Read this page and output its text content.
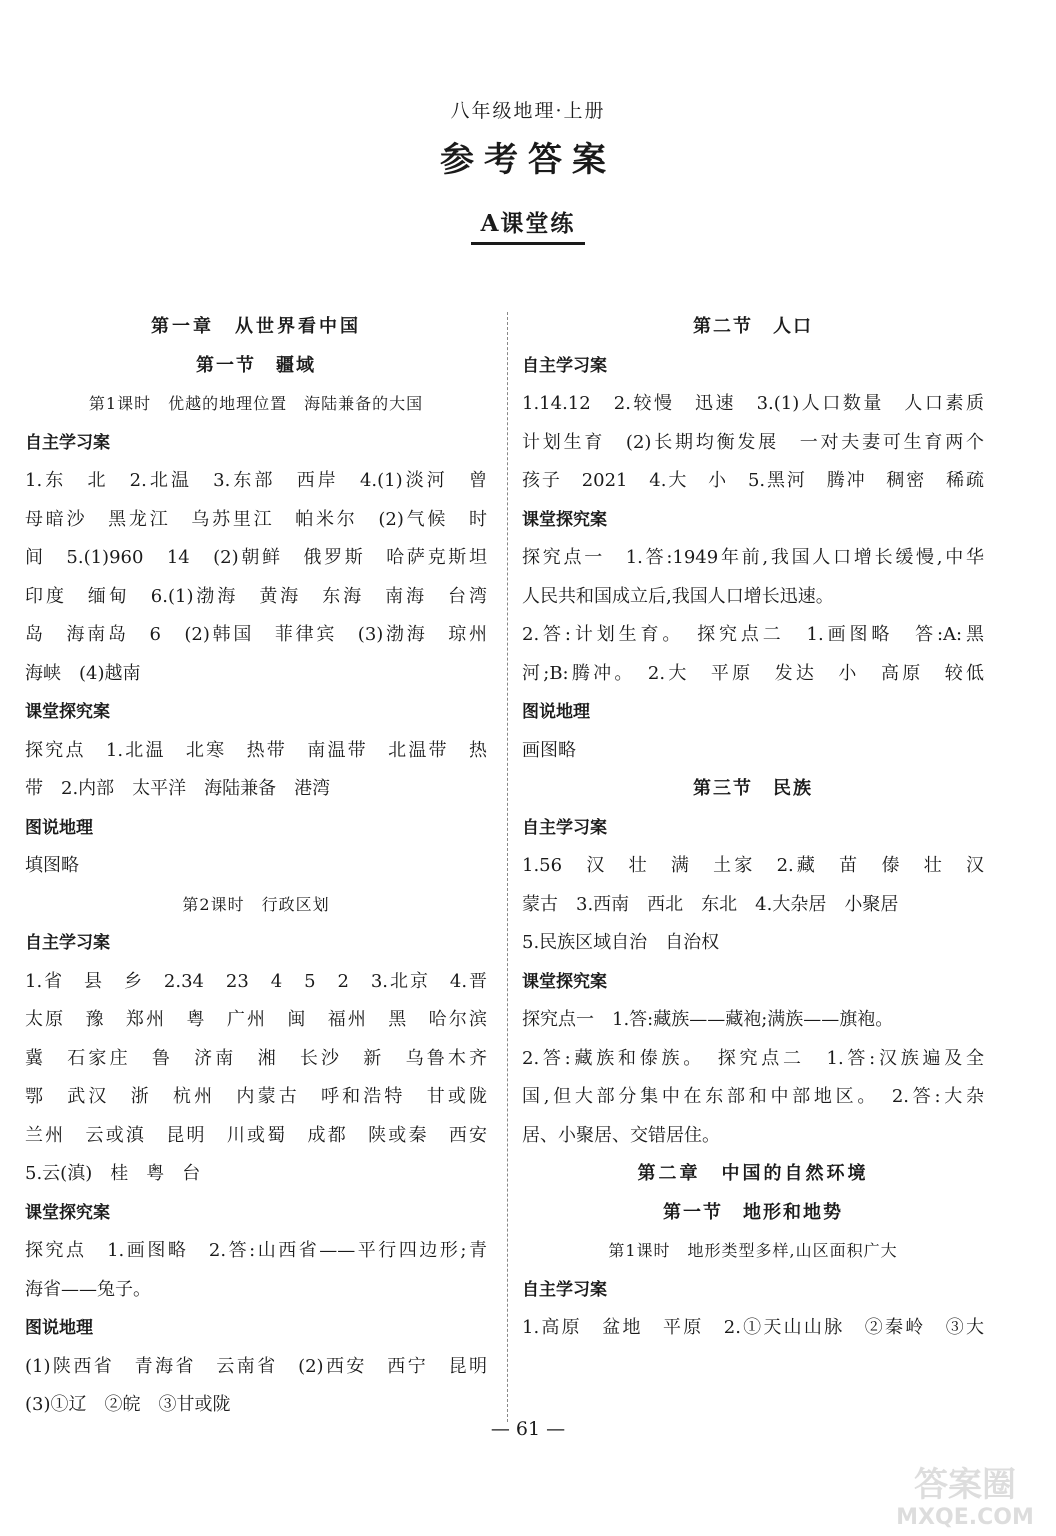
八年级地理·上册
参考答案
A课堂练
第一章　从世界看中国
第一节　疆域
第1课时　优越的地理位置　海陆兼备的大国
自主学习案
1.东　北　2.北温　3.东部　西岸　4.(1)淡河　曾
母暗沙　黑龙江　乌苏里江　帕米尔　(2)气候　时
间　5.(1)960　14　(2)朝鲜　俄罗斯　哈萨克斯坦
印度　缅甸　6.(1)渤海　黄海　东海　南海　台湾
岛　海南岛　6　(2)韩国　菲律宾　(3)渤海　琼州
海峡　(4)越南
课堂探究案
探究点　1.北温　北寒　热带　南温带　北温带　热
带　2.内部　太平洋　海陆兼备　港湾
图说地理
填图略
第2课时　行政区划
自主学习案
1.省　县　乡　2.34　23　4　5　2　3.北京　4.晋
太原　豫　郑州　粤　广州　闽　福州　黑　哈尔滨
冀　石家庄　鲁　济南　湘　长沙　新　乌鲁木齐
鄂　武汉　浙　杭州　内蒙古　呼和浩特　甘或陇
兰州　云或滇　昆明　川或蜀　成都　陕或秦　西安
5.云(滇)　桂　粤　台
课堂探究案
探究点　1.画图略　2.答:山西省——平行四边形;青
海省——兔子。
图说地理
(1)陕西省　青海省　云南省　(2)西安　西宁　昆明
(3)①辽　②皖　③甘或陇
第二节　人口
自主学习案
1.14.12　2.较慢　迅速　3.(1)人口数量　人口素质
计划生育　(2)长期均衡发展　一对夫妻可生育两个
孩子　2021　4.大　小　5.黑河　腾冲　稠密　稀疏
课堂探究案
探究点一　1.答:1949年前,我国人口增长缓慢,中华
人民共和国成立后,我国人口增长迅速。
2.答:计划生育。　探究点二　1.画图略　答:A:黑
河;B:腾冲。　2.大　平原　发达　小　高原　较低
图说地理
画图略
第三节　民族
自主学习案
1.56　汉　壮　满　土家　2.藏　苗　傣　壮　汉
蒙古　3.西南　西北　东北　4.大杂居　小聚居
5.民族区域自治　自治权
课堂探究案
探究点一　1.答:藏族——藏袍;满族——旗袍。
2.答:藏族和傣族。　探究点二　1.答:汉族遍及全
国,但大部分集中在东部和中部地区。　2.答:大杂
居、小聚居、交错居住。
第二章　中国的自然环境
第一节　地形和地势
第1课时　地形类型多样,山区面积广大
自主学习案
1.高原　盆地　平原　2.①天山山脉　②秦岭　③大
— 61 —
答案圈
MXQE.COM
